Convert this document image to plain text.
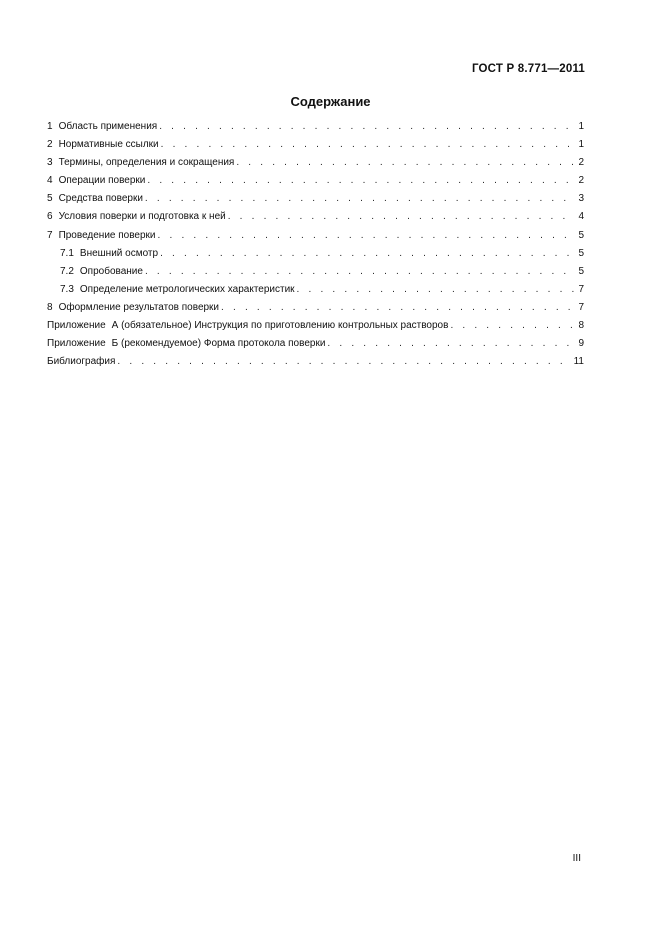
ГОСТ Р 8.771—2011
Содержание
1 Область применения . . .	1
2 Нормативные ссылки . . .	1
3 Термины, определения и сокращения . . .	2
4 Операции поверки . . .	2
5 Средства поверки . . .	3
6 Условия поверки и подготовка к ней . . .	4
7 Проведение поверки . . .	5
7.1 Внешний осмотр . . .	5
7.2 Опробование . . .	5
7.3 Определение метрологических характеристик . . .	7
8 Оформление результатов поверки . . .	7
Приложение А (обязательное) Инструкция по приготовлению контрольных растворов . . .	8
Приложение Б (рекомендуемое) Форма протокола поверки . . .	9
Библиография . . .	11
III
